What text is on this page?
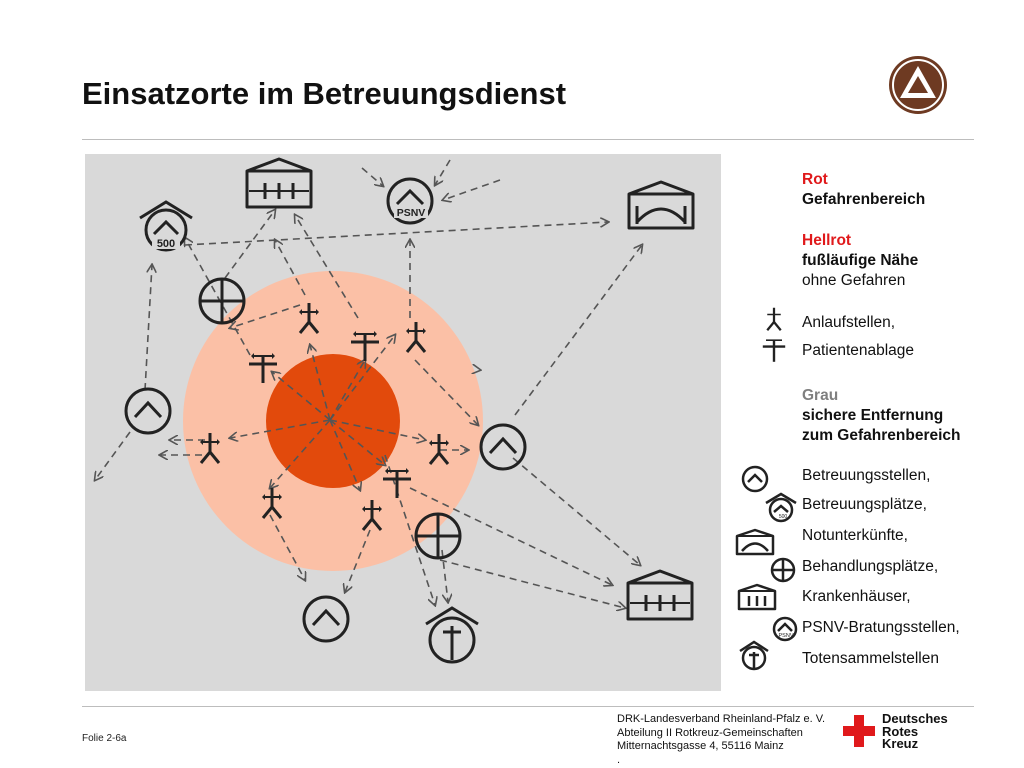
Einsatzorte im Betreuungsdienst
500
PSNV
Rot
Gefahrenbereich
Hellrot
fußläufige Nähe
ohne Gefahren
Anlaufstellen,
Patientenablage
Grau
sichere Entfernung
zum Gefahrenbereich
500
PSNV
Betreuungsstellen,
Betreuungsplätze,
Notunterkünfte,
Behandlungsplätze,
Krankenhäuser,
PSNV-Bratungsstellen,
Totensammelstellen
Folie 2-6a
DRK-Landesverband Rheinland-Pfalz e. V.
Abteilung II Rotkreuz-Gemeinschaften
Mitternachtsgasse 4, 55116 Mainz
.
Deutsches
Rotes
Kreuz
